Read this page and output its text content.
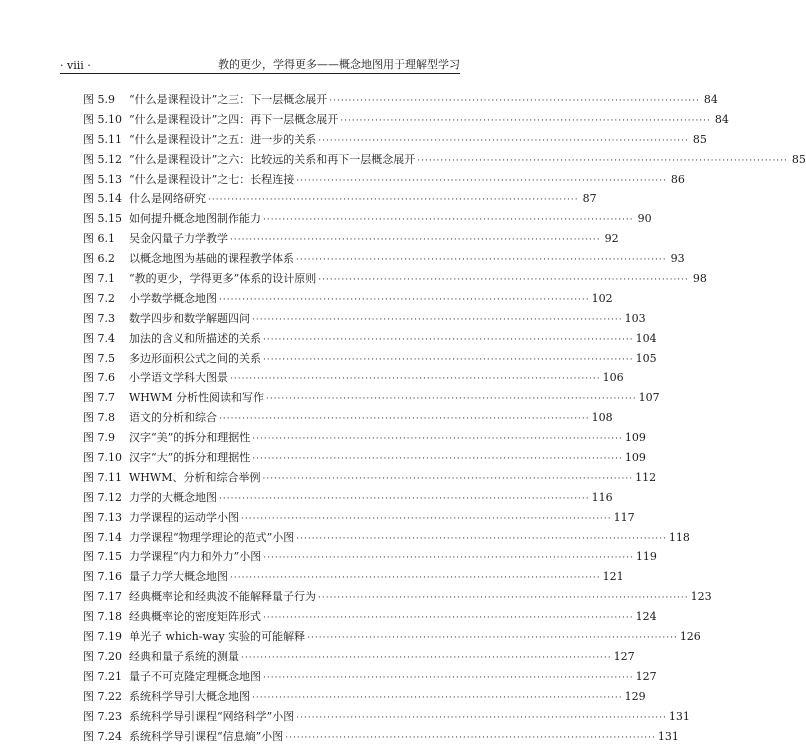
· viii ·	教的更少，学得更多——概念地图用于理解型学习
图 5.9	“什么是课程设计”之三：下一层概念展开 ·····	84
图 5.10 “什么是课程设计”之四：再下一层概念展开 ·····	84
图 5.11 “什么是课程设计”之五：进一步的关系 ·····	85
图 5.12 “什么是课程设计”之六：比较远的关系和再下一层概念展开 ·····	85
图 5.13 “什么是课程设计”之七：长程连接 ·····	86
图 5.14 什么是网络研究 ·····	87
图 5.15 如何提升概念地图制作能力 ·····	90
图 6.1	吴金闪量子力学教学 ·····	92
图 6.2	以概念地图为基础的课程教学体系 ·····	93
图 7.1	“教的更少，学得更多”体系的设计原则 ·····	98
图 7.2	小学数学概念地图 ·····	102
图 7.3	数学四步和数学解题四问 ·····	103
图 7.4	加法的含义和所描述的关系 ·····	104
图 7.5	多边形面积公式之间的关系 ·····	105
图 7.6	小学语文学科大图景 ·····	106
图 7.7	WHWM 分析性阅读和写作 ·····	107
图 7.8	语文的分析和综合 ·····	108
图 7.9	汉字“美”的拆分和理据性 ·····	109
图 7.10 汉字“大”的拆分和理据性 ·····	109
图 7.11 WHWM、分析和综合举例 ·····	112
图 7.12 力学的大概念地图 ·····	116
图 7.13 力学课程的运动学小图 ·····	117
图 7.14 力学课程“物理学理论的范式”小图 ·····	118
图 7.15 力学课程“内力和外力”小图 ·····	119
图 7.16 量子力学大概念地图 ·····	121
图 7.17 经典概率论和经典波不能解释量子行为 ·····	123
图 7.18 经典概率论的密度矩阵形式 ·····	124
图 7.19 单光子 which-way 实验的可能解释 ·····	126
图 7.20 经典和量子系统的测量 ·····	127
图 7.21 量子不可克隆定理概念地图 ·····	127
图 7.22 系统科学导引大概念地图 ·····	129
图 7.23 系统科学导引课程“网络科学”小图 ·····	131
图 7.24 系统科学导引课程“信息熵”小图 ·····	131
